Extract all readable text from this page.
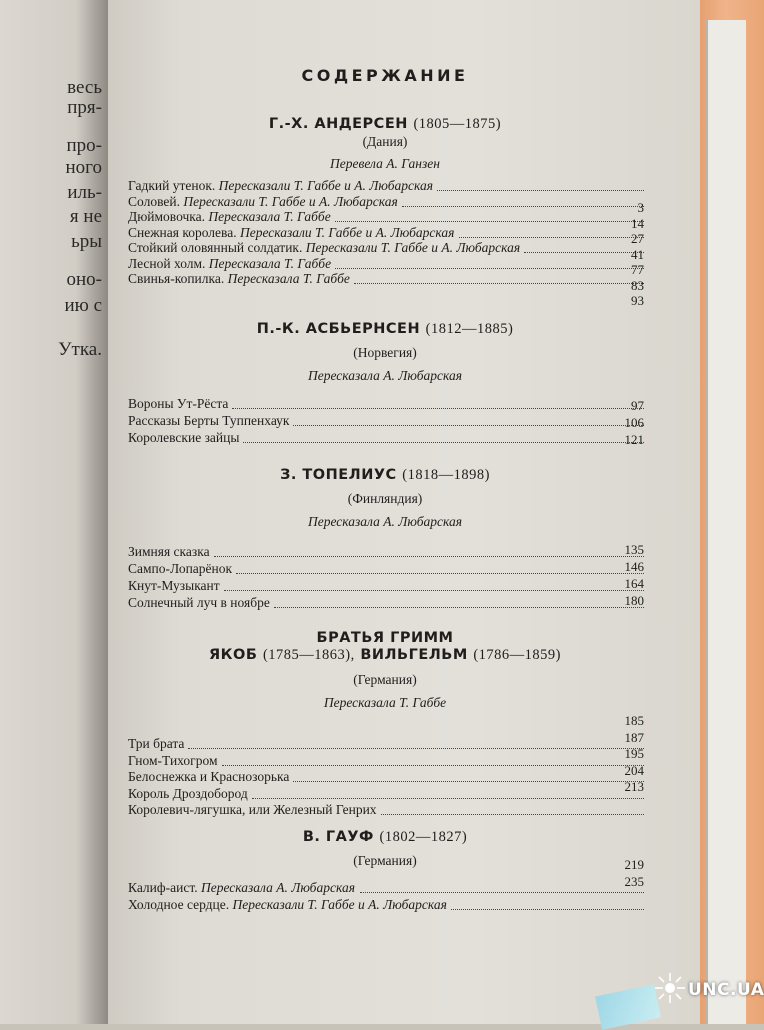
весь
пря-
про-
ного
иль-
я не
ьры
оно-
ию с
Утка.
СОДЕРЖАНИЕ
Г.-Х. АНДЕРСЕН (1805—1875)
(Дания)
Перевела А. Ганзен
Гадкий утенок. Пересказали Т. Габбе и А. Любарская
Соловей. Пересказали Т. Габбе и А. Любарская
Дюймовочка. Пересказала Т. Габбе
Снежная королева. Пересказали Т. Габбе и А. Любарская
Стойкий оловянный солдатик. Пересказали Т. Габбе и А. Любарская
Лесной холм. Пересказала Т. Габбе
Свинья-копилка. Пересказала Т. Габбе
3
14
27
41
77
83
93
П.-К. АСБЬЕРНСЕН (1812—1885)
(Норвегия)
Пересказала А. Любарская
Вороны Ут-Рёста
Рассказы Берты Туппенхаук
Королевские зайцы
97
106
121
З. ТОПЕЛИУС (1818—1898)
(Финляндия)
Пересказала А. Любарская
Зимняя сказка
Сампо-Лопарёнок
Кнут-Музыкант
Солнечный луч в ноябре
135
146
164
180
БРАТЬЯ ГРИММ
ЯКОБ (1785—1863), ВИЛЬГЕЛЬМ (1786—1859)
(Германия)
Пересказала Т. Габбе
Три брата
Гном-Тихогром
Белоснежка и Краснозорька
Король Дроздобород
Королевич-лягушка, или Железный Генрих
185
187
195
204
213
В. ГАУФ (1802—1827)
(Германия)
Калиф-аист. Пересказала А. Любарская
Холодное сердце. Пересказали Т. Габбе и А. Любарская
219
235
UNC.UA
